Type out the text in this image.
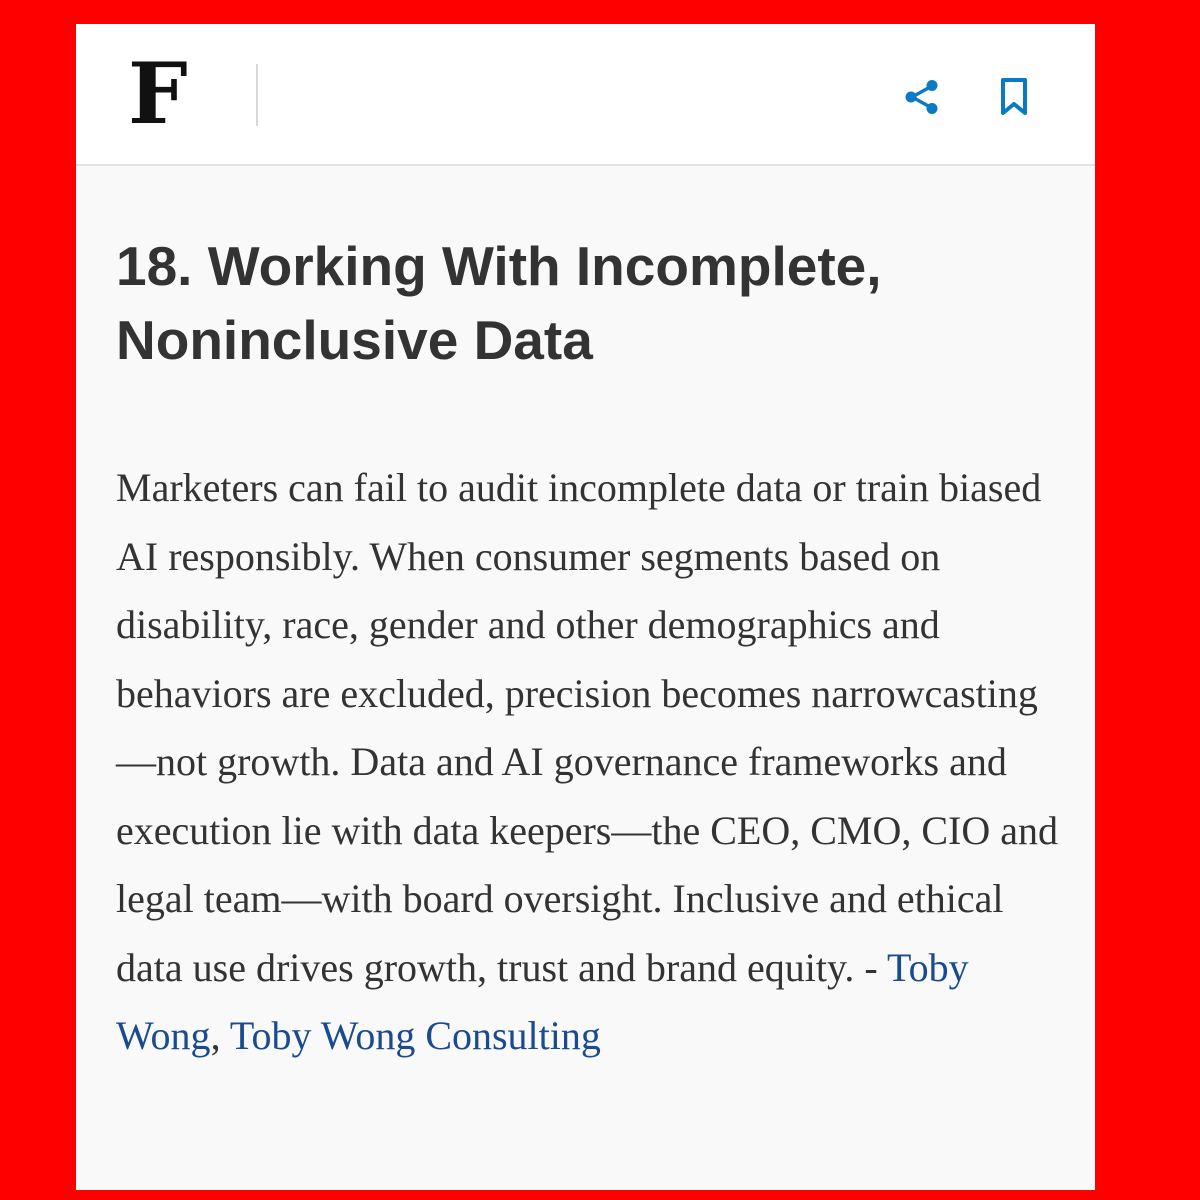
F
18. Working With Incomplete, Noninclusive Data

Marketers can fail to audit incomplete data or train biased AI responsibly. When consumer segments based on disability, race, gender and other demographics and behaviors are excluded, precision becomes narrowcasting—not growth. Data and AI governance frameworks and execution lie with data keepers—the CEO, CMO, CIO and legal team—with board oversight. Inclusive and ethical data use drives growth, trust and brand equity. - Toby Wong, Toby Wong Consulting
